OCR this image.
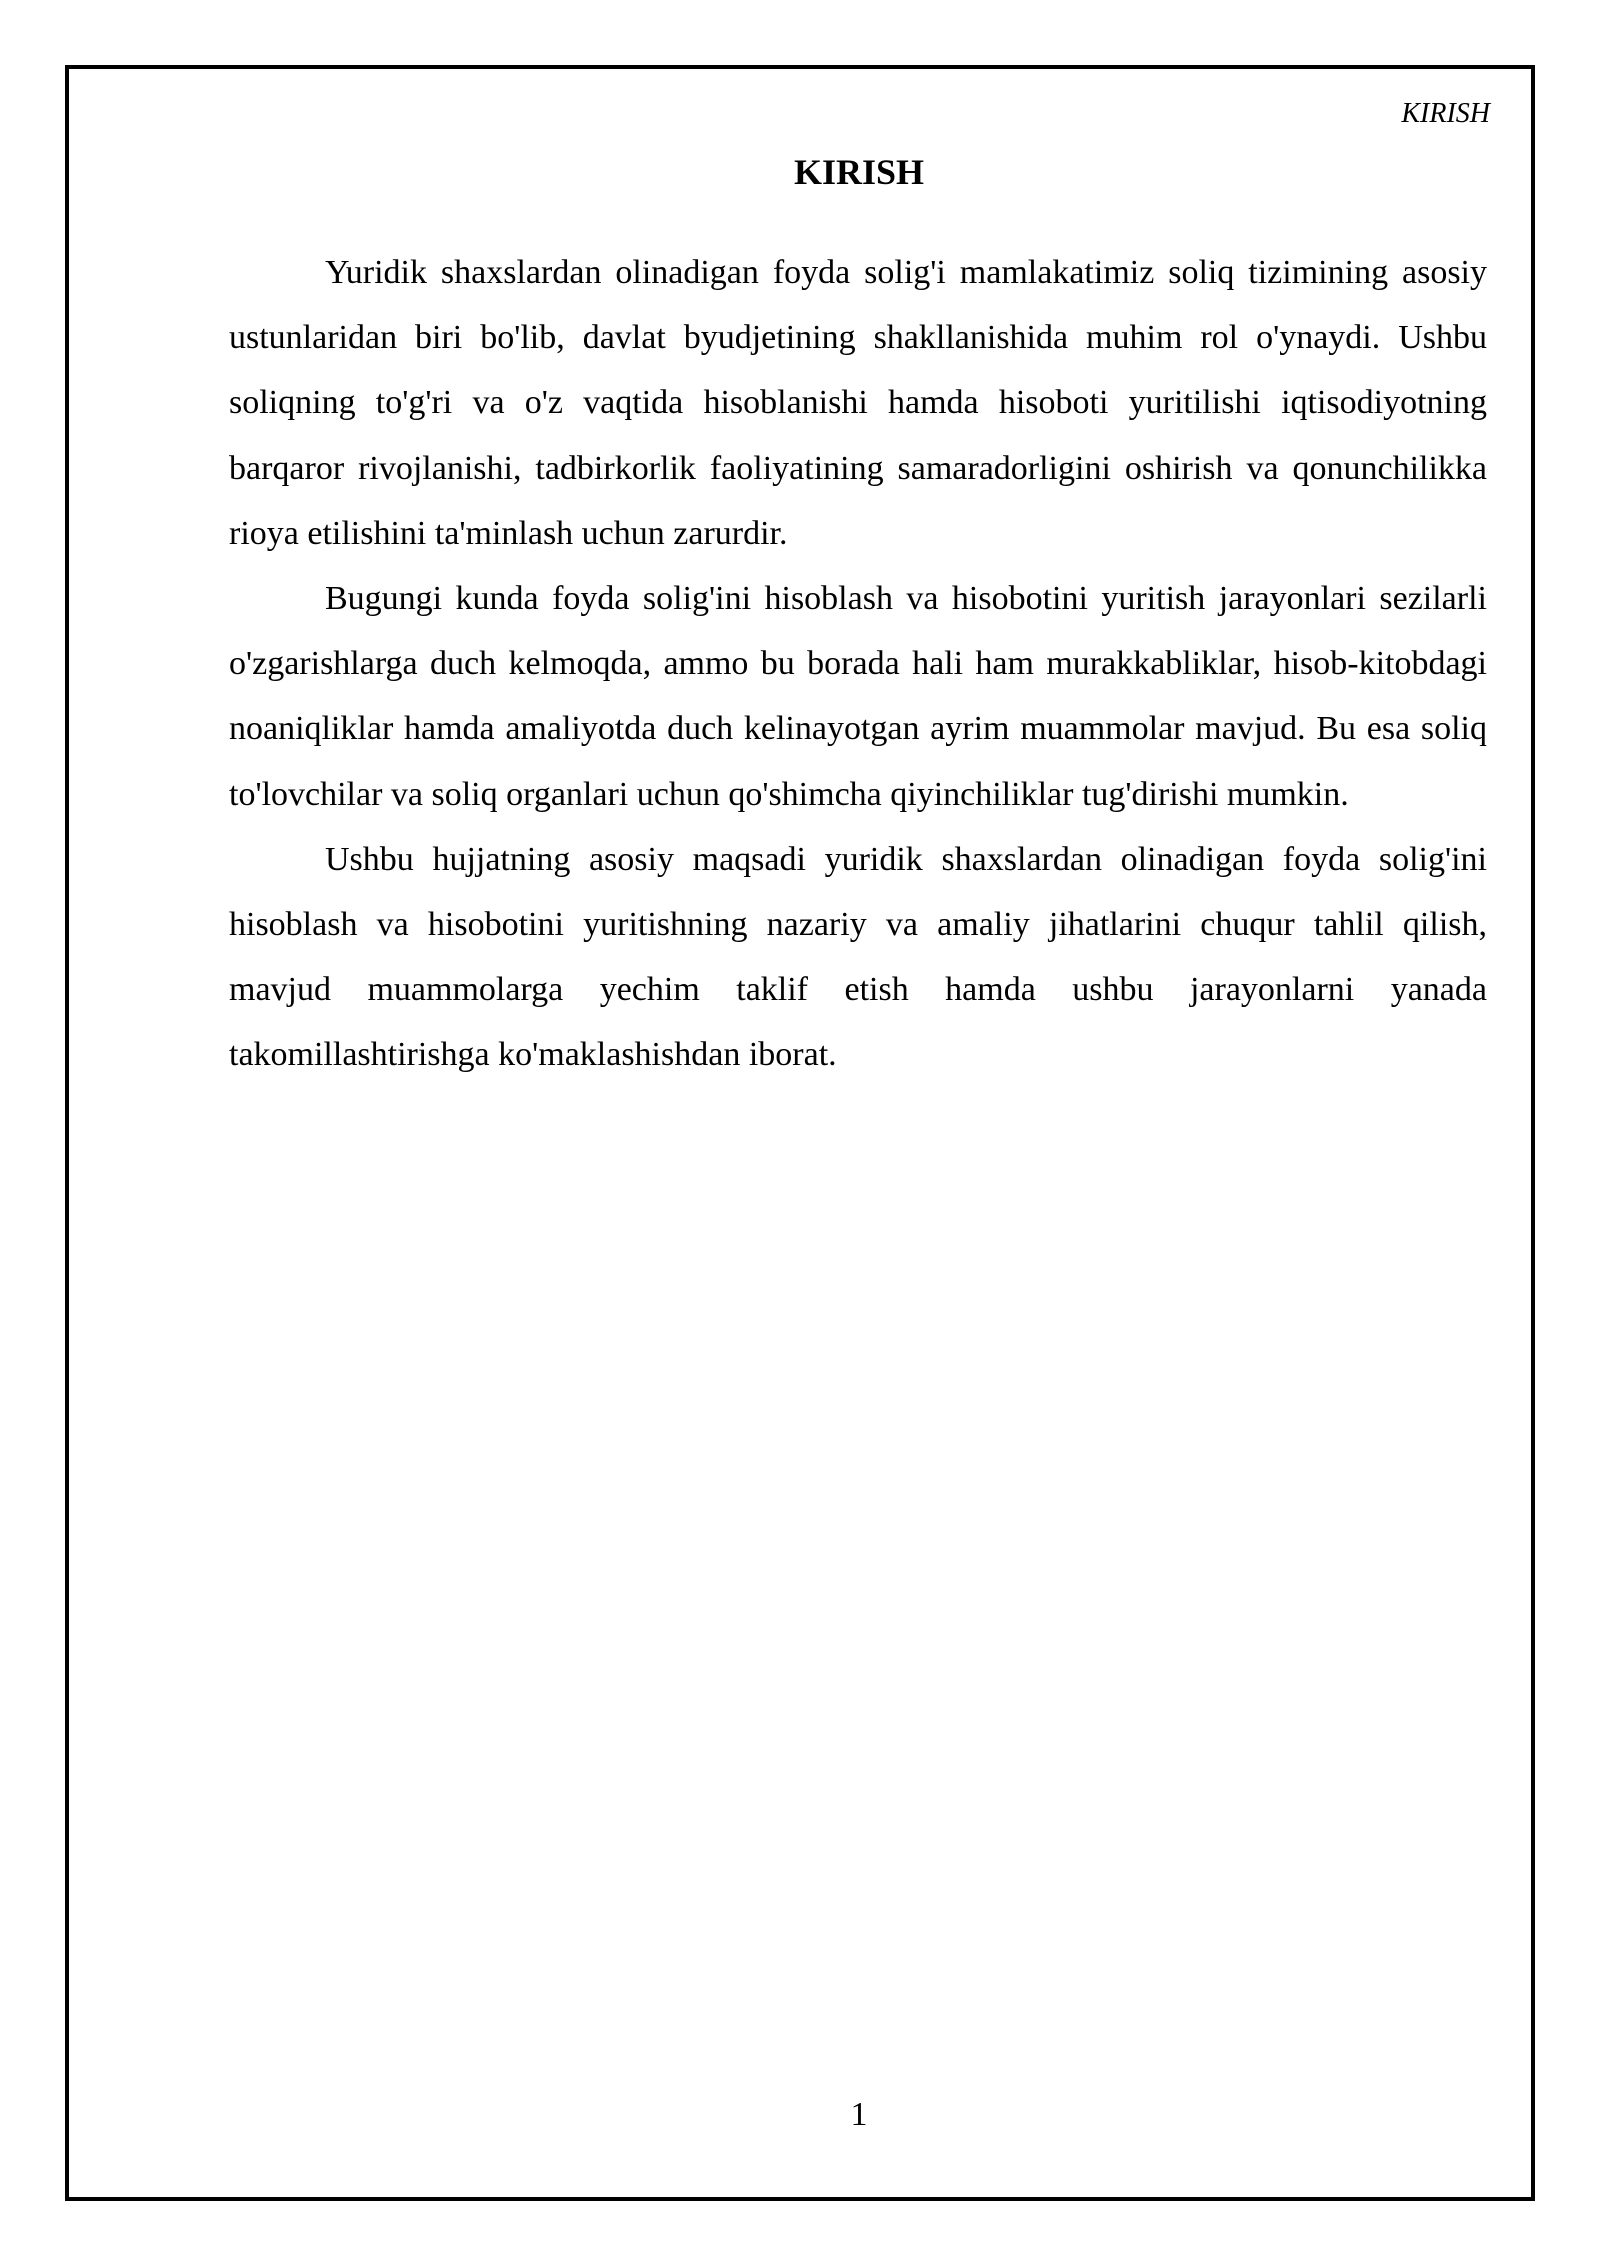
KIRISH
KIRISH

Yuridik shaxslardan olinadigan foyda solig'i mamlakatimiz soliq tizimining asosiy ustunlaridan biri bo'lib, davlat byudjetining shakllanishida muhim rol o'ynaydi. Ushbu soliqning to'g'ri va o'z vaqtida hisoblanishi hamda hisoboti yuritilishi iqtisodiyotning barqaror rivojlanishi, tadbirkorlik faoliyatining samaradorligini oshirish va qonunchilikka rioya etilishini ta'minlash uchun zarurdir.

Bugungi kunda foyda solig'ini hisoblash va hisobotini yuritish jarayonlari sezilarli o'zgarishlarga duch kelmoqda, ammo bu borada hali ham murakkabliklar, hisob-kitobdagi noaniqliklar hamda amaliyotda duch kelinayotgan ayrim muammolar mavjud. Bu esa soliq to'lovchilar va soliq organlari uchun qo'shimcha qiyinchiliklar tug'dirishi mumkin.

Ushbu hujjatning asosiy maqsadi yuridik shaxslardan olinadigan foyda solig'ini hisoblash va hisobotini yuritishning nazariy va amaliy jihatlarini chuqur tahlil qilish, mavjud muammolarga yechim taklif etish hamda ushbu jarayonlarni yanada takomillashtirishga ko'maklashishdan iborat.

1
